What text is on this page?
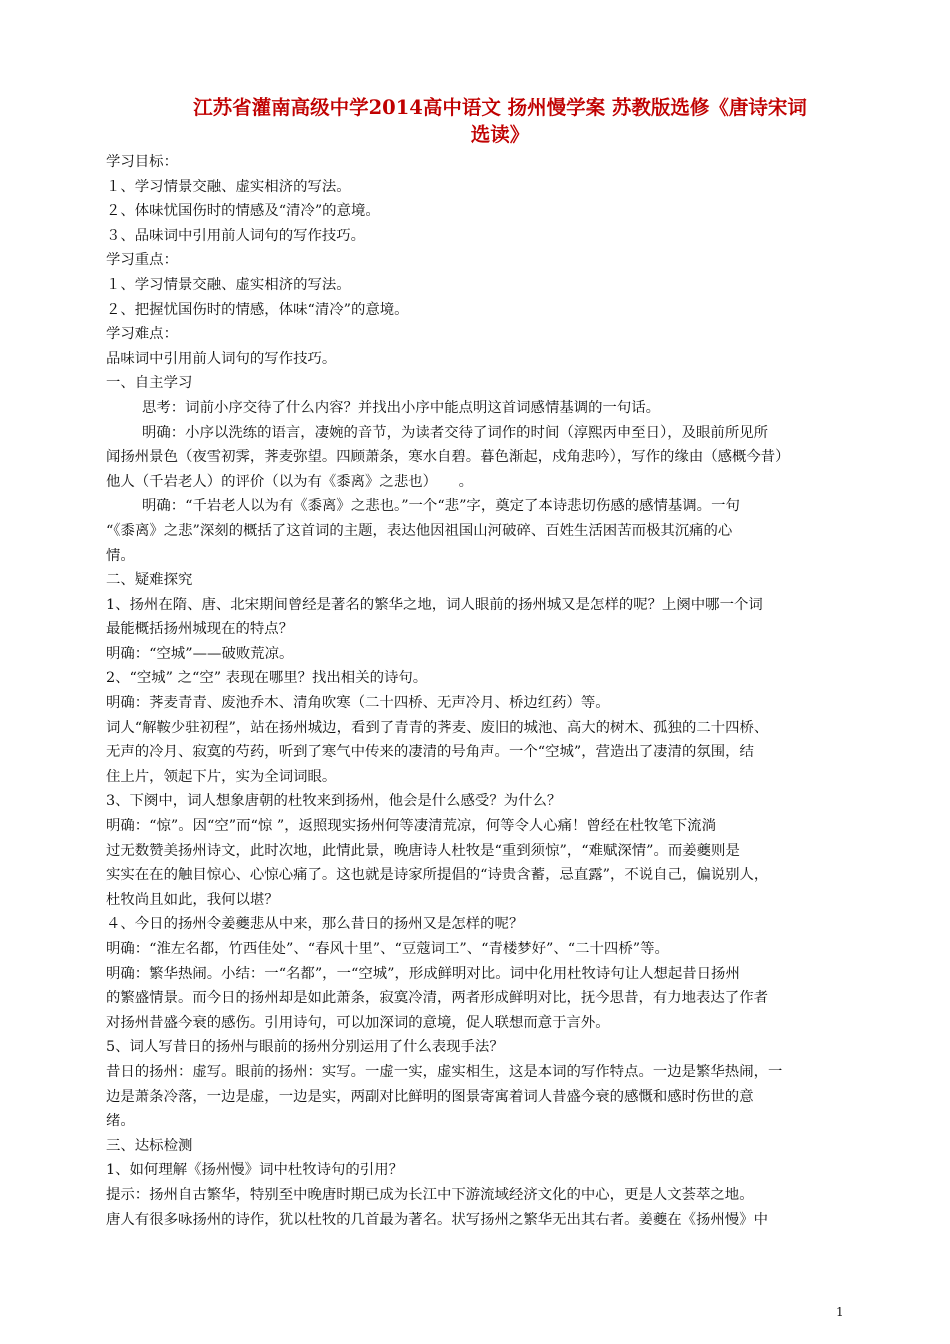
江苏省灌南高级中学2014高中语文 扬州慢学案 苏教版选修《唐诗宋词
选读》

学习目标：

１、学习情景交融、虚实相济的写法。

２、体味忧国伤时的情感及“清冷”的意境。

３、品味词中引用前人词句的写作技巧。

学习重点：

１、学习情景交融、虚实相济的写法。

２、把握忧国伤时的情感，体味“清冷”的意境。

学习难点：

品味词中引用前人词句的写作技巧。

一、自主学习

思考：词前小序交待了什么内容？并找出小序中能点明这首词感情基调的一句话。

明确：小序以洗练的语言，凄婉的音节，为读者交待了词作的时间（淳熙丙申至日），及眼前所见所

闻扬州景色（夜雪初霁，荠麦弥望。四顾萧条，寒水自碧。暮色渐起，戍角悲吟），写作的缘由（感概今昔）

他人（千岩老人）的评价（以为有《黍离》之悲也）　　。

明确：“千岩老人以为有《黍离》之悲也。”一个“悲”字，奠定了本诗悲切伤感的感情基调。一句

“《黍离》之悲”深刻的概括了这首词的主题，表达他因祖国山河破碎、百姓生活困苦而极其沉痛的心

情。

二、疑难探究

1、扬州在隋、唐、北宋期间曾经是著名的繁华之地，词人眼前的扬州城又是怎样的呢？上阕中哪一个词

最能概括扬州城现在的特点？

明确：“空城”——破败荒凉。

2、“空城” 之“空” 表现在哪里？找出相关的诗句。

明确：荠麦青青、废池乔木、清角吹寒（二十四桥、无声冷月、桥边红药）等。

词人“解鞍少驻初程”，站在扬州城边，看到了青青的荠麦、废旧的城池、高大的树木、孤独的二十四桥、

无声的冷月、寂寞的芍药，听到了寒气中传来的凄清的号角声。一个“空城”，营造出了凄清的氛围，结

住上片，领起下片，实为全词词眼。

3、下阕中，词人想象唐朝的杜牧来到扬州，他会是什么感受？为什么？

明确：“惊”。因“空”而“惊 ”，返照现实扬州何等凄清荒凉，何等令人心痛！曾经在杜牧笔下流淌

过无数赞美扬州诗文，此时次地，此情此景，晚唐诗人杜牧是“重到须惊”，“难赋深情”。而姜夔则是

实实在在的触目惊心、心惊心痛了。这也就是诗家所提倡的“诗贵含蓄，忌直露”，不说自己，偏说别人，

杜牧尚且如此，我何以堪？

４、今日的扬州令姜夔悲从中来，那么昔日的扬州又是怎样的呢？

明确：“淮左名都，竹西佳处”、“春风十里”、“豆蔻词工”、“青楼梦好”、“二十四桥”等。

明确：繁华热闹。小结：一“名都”，一“空城”，形成鲜明对比。词中化用杜牧诗句让人想起昔日扬州

的繁盛情景。而今日的扬州却是如此萧条，寂寞冷清，两者形成鲜明对比，抚今思昔，有力地表达了作者

对扬州昔盛今衰的感伤。引用诗句，可以加深词的意境，促人联想而意于言外。

5、词人写昔日的扬州与眼前的扬州分别运用了什么表现手法？

昔日的扬州：虚写。眼前的扬州：实写。一虚一实，虚实相生，这是本词的写作特点。一边是繁华热闹，一

边是萧条冷落，一边是虚，一边是实，两副对比鲜明的图景寄寓着词人昔盛今衰的感慨和感时伤世的意

绪。

三、达标检测

1、如何理解《扬州慢》词中杜牧诗句的引用？

提示：扬州自古繁华，特别至中晚唐时期已成为长江中下游流域经济文化的中心，更是人文荟萃之地。

唐人有很多咏扬州的诗作，犹以杜牧的几首最为著名。状写扬州之繁华无出其右者。姜夔在《扬州慢》中

1
